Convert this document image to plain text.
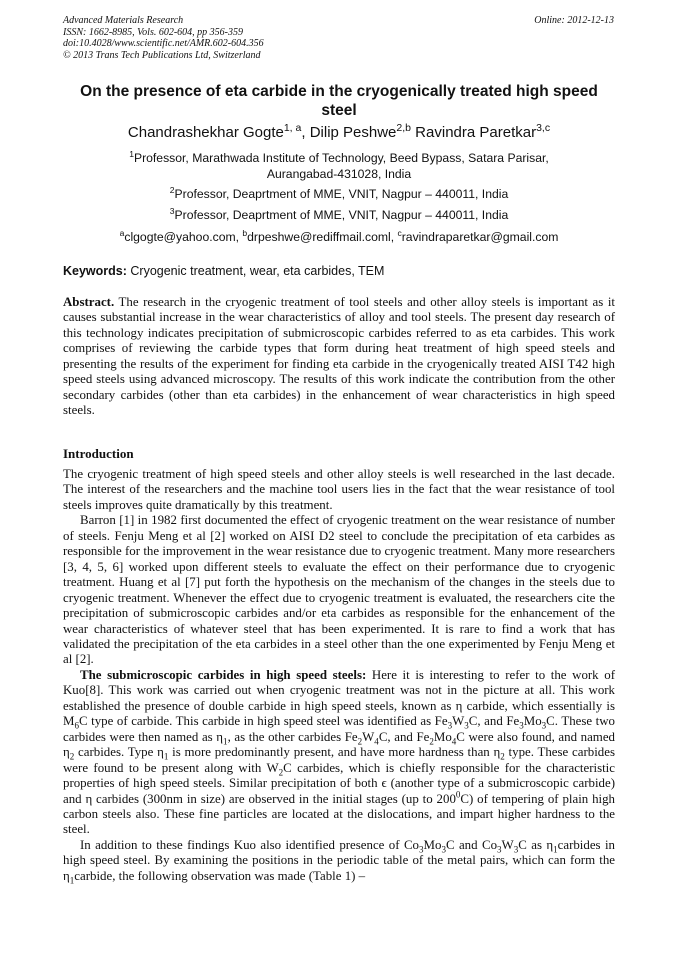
Advanced Materials Research
ISSN: 1662-8985, Vols. 602-604, pp 356-359
doi:10.4028/www.scientific.net/AMR.602-604.356
© 2013 Trans Tech Publications Ltd, Switzerland
Online: 2012-12-13
On the presence of eta carbide in the cryogenically treated high speed
steel
Chandrashekhar Gogte$^{1, a}$, Dilip Peshwe$^{2,b}$ Ravindra Paretkar$^{3,c}$
$^1$Professor, Marathwada Institute of Technology, Beed Bypass, Satara Parisar,
Aurangabad-431028, India
$^2$Professor, Deaprtment of MME, VNIT, Nagpur – 440011, India
$^3$Professor, Deaprtment of MME, VNIT, Nagpur – 440011, India
$^a$clgogte@yahoo.com, $^b$drpeshwe@rediffmail.coml, $^c$ravindraparetkar@gmail.com
Keywords: Cryogenic treatment, wear, eta carbides, TEM
Abstract. The research in the cryogenic treatment of tool steels and other alloy steels is important as it causes substantial increase in the wear characteristics of alloy and tool steels. The present day research of this technology indicates precipitation of submicroscopic carbides referred to as eta carbides. This work comprises of reviewing the carbide types that form during heat treatment of high speed steels and presenting the results of the experiment for finding eta carbide in the cryogenically treated AISI T42 high speed steels using advanced microscopy. The results of this work indicate the contribution from the other secondary carbides (other than eta carbides) in the enhancement of wear characteristics in high speed steels.
Introduction
The cryogenic treatment of high speed steels and other alloy steels is well researched in the last decade. The interest of the researchers and the machine tool users lies in the fact that the wear resistance of tool steels improves quite dramatically by this treatment.
Barron [1] in 1982 first documented the effect of cryogenic treatment on the wear resistance of number of steels. Fenju Meng et al [2] worked on AISI D2 steel to conclude the precipitation of eta carbides as responsible for the improvement in the wear resistance due to cryogenic treatment. Many more researchers [3, 4, 5, 6] worked upon different steels to evaluate the effect on their performance due to cryogenic treatment. Huang et al [7] put forth the hypothesis on the mechanism of the changes in the steels due to cryogenic treatment. Whenever the effect due to cryogenic treatment is evaluated, the researchers cite the precipitation of submicroscopic carbides and/or eta carbides as responsible for the enhancement of the wear characteristics of whatever steel that has been experimented. It is rare to find a work that has validated the precipitation of the eta carbides in a steel other than the one experimented by Fenju Meng et al [2].
The submicroscopic carbides in high speed steels: Here it is interesting to refer to the work of Kuo[8]. This work was carried out when cryogenic treatment was not in the picture at all. This work established the presence of double carbide in high speed steels, known as η carbide, which essentially is $M_6C$ type of carbide. This carbide in high speed steel was identified as $Fe_3W_3C$, and $Fe_3Mo_3C$. These two carbides were then named as $\eta_1$, as the other carbides $Fe_2W_4C$, and $Fe_2Mo_4C$ were also found, and named $\eta_2$ carbides. Type $\eta_1$ is more predominantly present, and have more hardness than $\eta_2$ type. These carbides were found to be present along with $W_2C$ carbides, which is chiefly responsible for the characteristic properties of high speed steels. Similar precipitation of both ϵ (another type of a submicroscopic carbide) and η carbides (300nm in size) are observed in the initial stages (up to $200^0C$) of tempering of plain high carbon steels also. These fine particles are located at the dislocations, and impart higher hardness to the steel.
In addition to these findings Kuo also identified presence of $Co_3Mo_3C$ and $Co_3W_3C$ as $\eta_1carbides$ in high speed steel. By examining the positions in the periodic table of the metal pairs, which can form the $\eta_1carbide$, the following observation was made (Table 1) –
